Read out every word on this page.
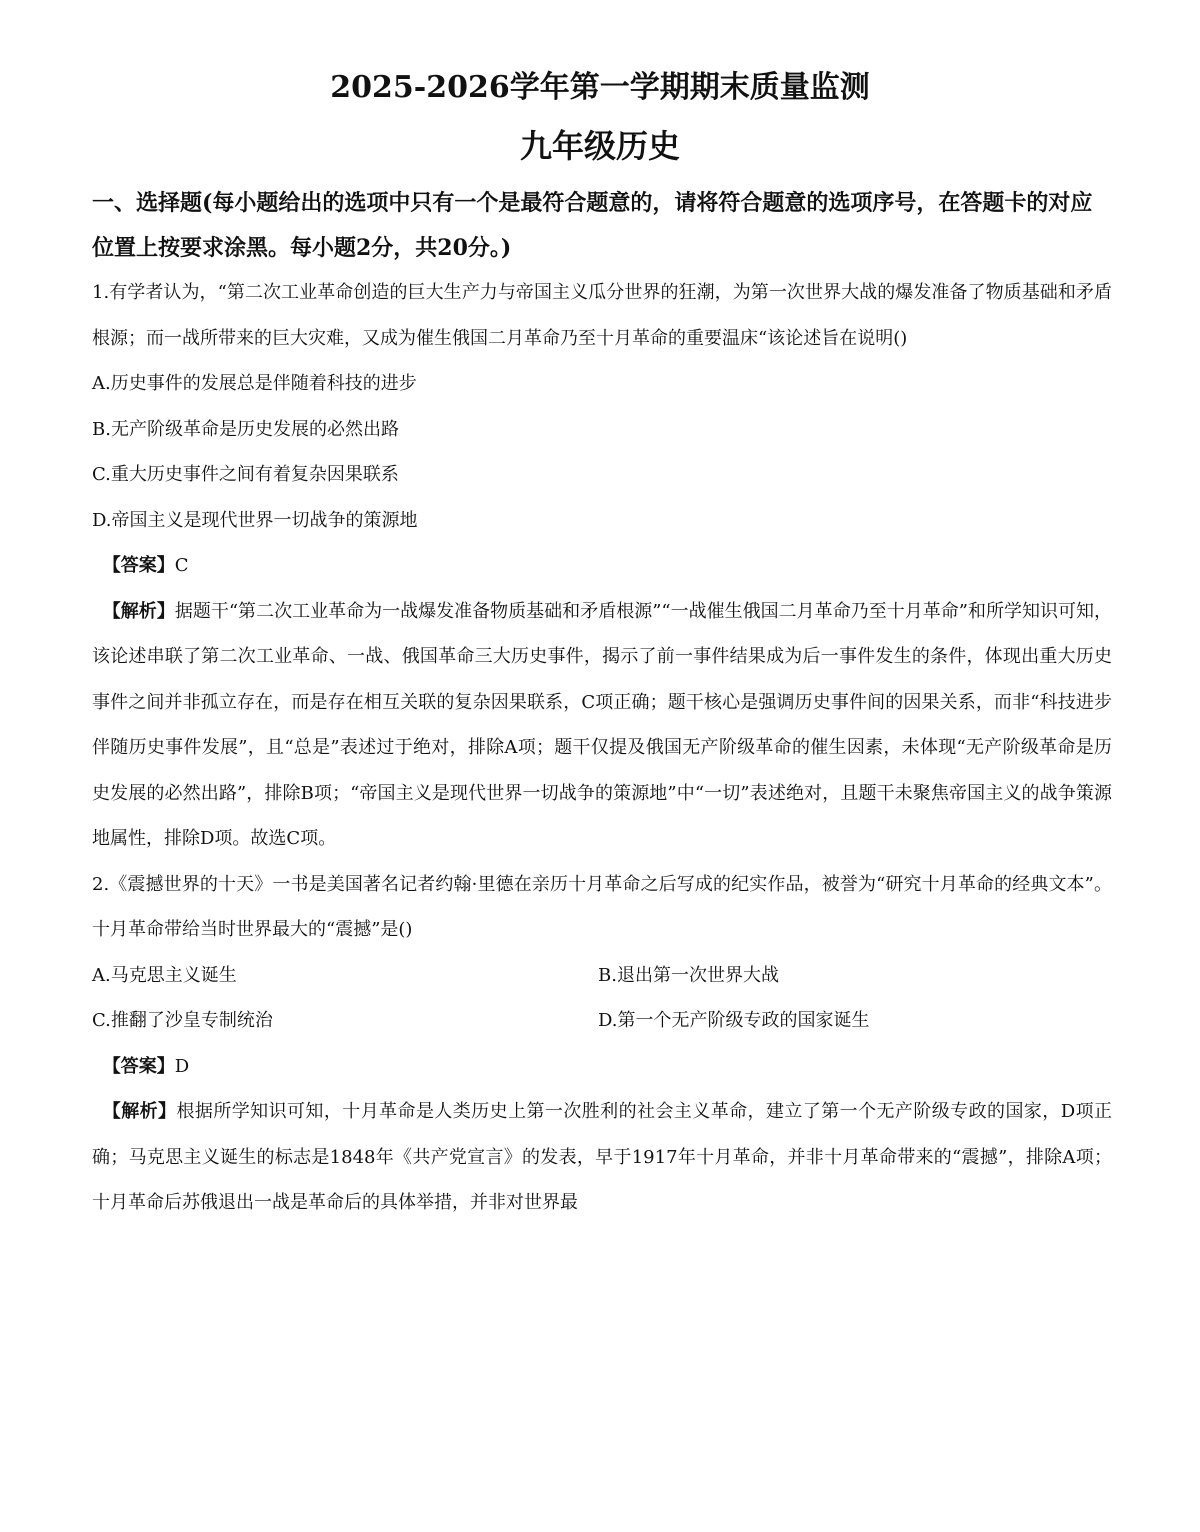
2025-2026学年第一学期期末质量监测
九年级历史

一、选择题(每小题给出的选项中只有一个是最符合题意的，请将符合题意的选项序号，在答题卡的对应位置上按要求涂黑。每小题2分，共20分。)

1.有学者认为，“第二次工业革命创造的巨大生产力与帝国主义瓜分世界的狂潮，为第一次世界大战的爆发准备了物质基础和矛盾根源；而一战所带来的巨大灾难，又成为催生俄国二月革命乃至十月革命的重要温床“该论述旨在说明()

A.历史事件的发展总是伴随着科技的进步

B.无产阶级革命是历史发展的必然出路

C.重大历史事件之间有着复杂因果联系

D.帝国主义是现代世界一切战争的策源地

【答案】C

【解析】据题干“第二次工业革命为一战爆发准备物质基础和矛盾根源”“一战催生俄国二月革命乃至十月革命”和所学知识可知，该论述串联了第二次工业革命、一战、俄国革命三大历史事件，揭示了前一事件结果成为后一事件发生的条件，体现出重大历史事件之间并非孤立存在，而是存在相互关联的复杂因果联系，C项正确；题干核心是强调历史事件间的因果关系，而非“科技进步伴随历史事件发展”，且“总是”表述过于绝对，排除A项；题干仅提及俄国无产阶级革命的催生因素，未体现“无产阶级革命是历史发展的必然出路”，排除B项；“帝国主义是现代世界一切战争的策源地”中“一切”表述绝对，且题干未聚焦帝国主义的战争策源地属性，排除D项。故选C项。

2.《震撼世界的十天》一书是美国著名记者约翰·里德在亲历十月革命之后写成的纪实作品，被誉为“研究十月革命的经典文本”。十月革命带给当时世界最大的“震撼”是()

A.马克思主义诞生	B.退出第一次世界大战

C.推翻了沙皇专制统治	D.第一个无产阶级专政的国家诞生

【答案】D

【解析】根据所学知识可知，十月革命是人类历史上第一次胜利的社会主义革命，建立了第一个无产阶级专政的国家，D项正确；马克思主义诞生的标志是1848年《共产党宣言》的发表，早于1917年十月革命，并非十月革命带来的“震撼”，排除A项；十月革命后苏俄退出一战是革命后的具体举措，并非对世界最
